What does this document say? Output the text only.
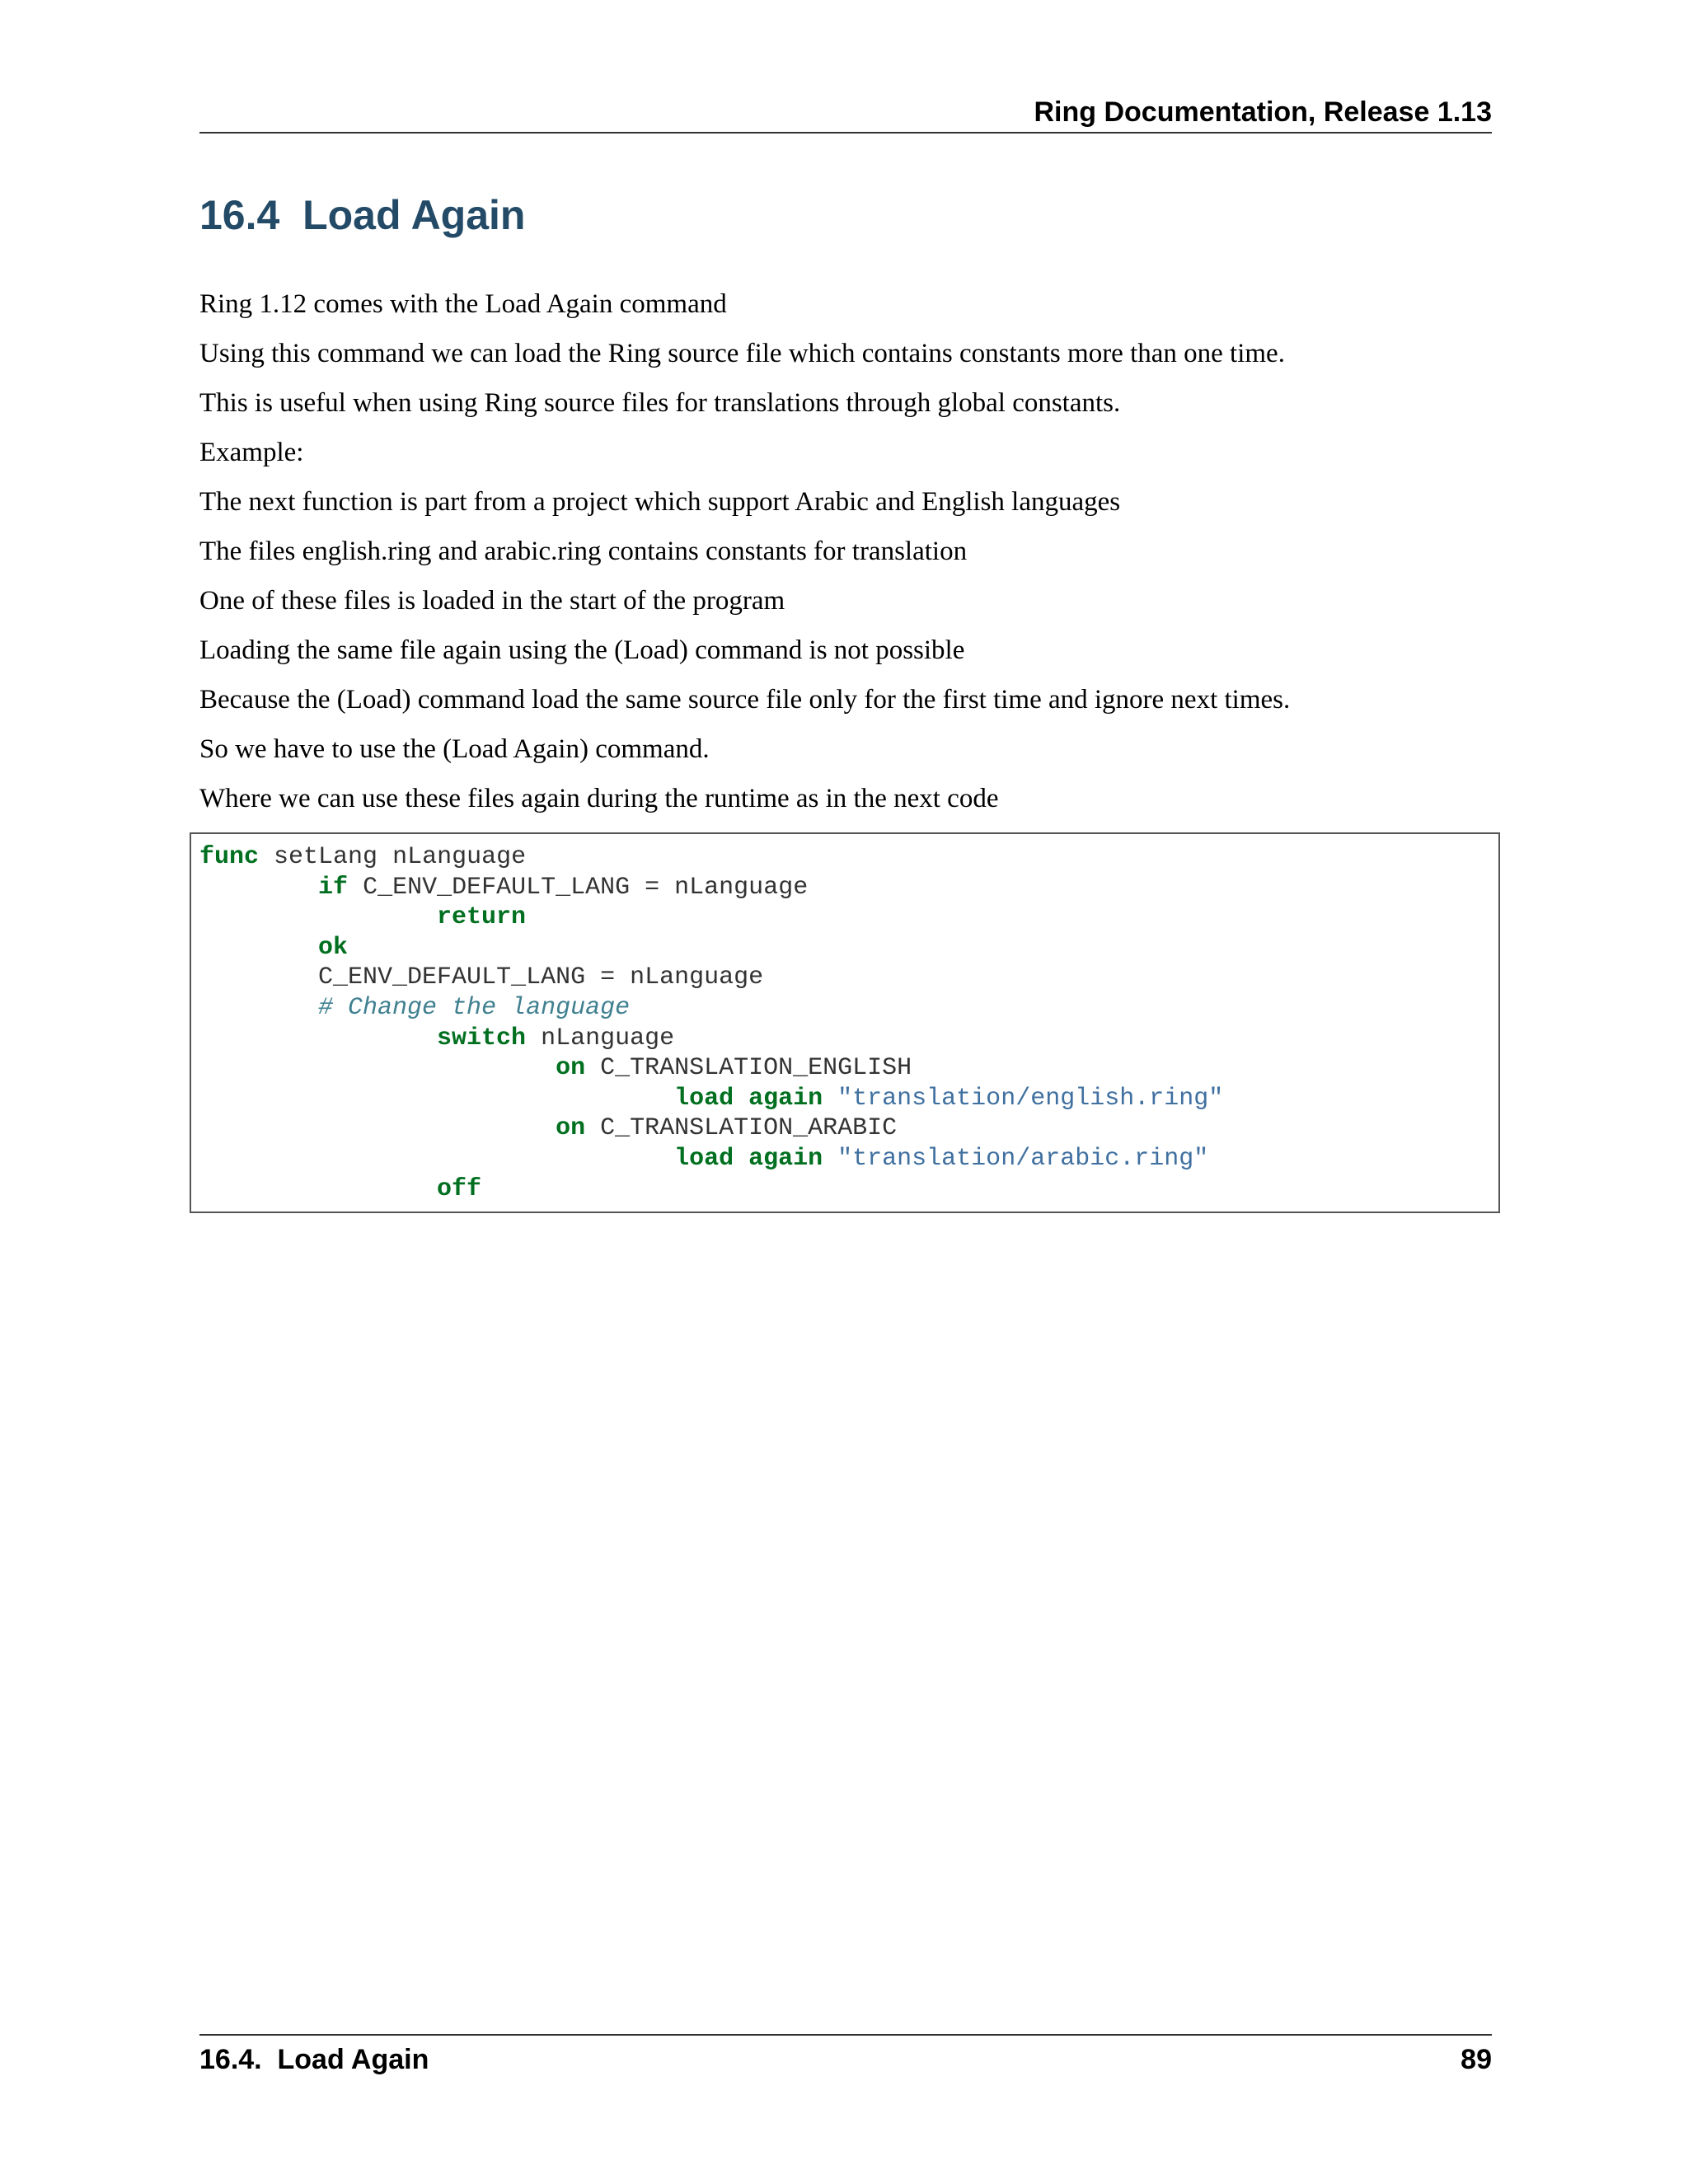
Ring Documentation, Release 1.13
16.4  Load Again

Ring 1.12 comes with the Load Again command

Using this command we can load the Ring source file which contains constants more than one time.

This is useful when using Ring source files for translations through global constants.

Example:

The next function is part from a project which support Arabic and English languages

The files english.ring and arabic.ring contains constants for translation

One of these files is loaded in the start of the program

Loading the same file again using the (Load) command is not possible

Because the (Load) command load the same source file only for the first time and ignore next times.

So we have to use the (Load Again) command.

Where we can use these files again during the runtime as in the next code

func setLang nLanguage
	if C_ENV_DEFAULT_LANG = nLanguage
		return
	ok
	C_ENV_DEFAULT_LANG = nLanguage
	# Change the language
		switch nLanguage
			on C_TRANSLATION_ENGLISH
				load again "translation/english.ring"
			on C_TRANSLATION_ARABIC
				load again "translation/arabic.ring"
		off
16.4.  Load Again	89
